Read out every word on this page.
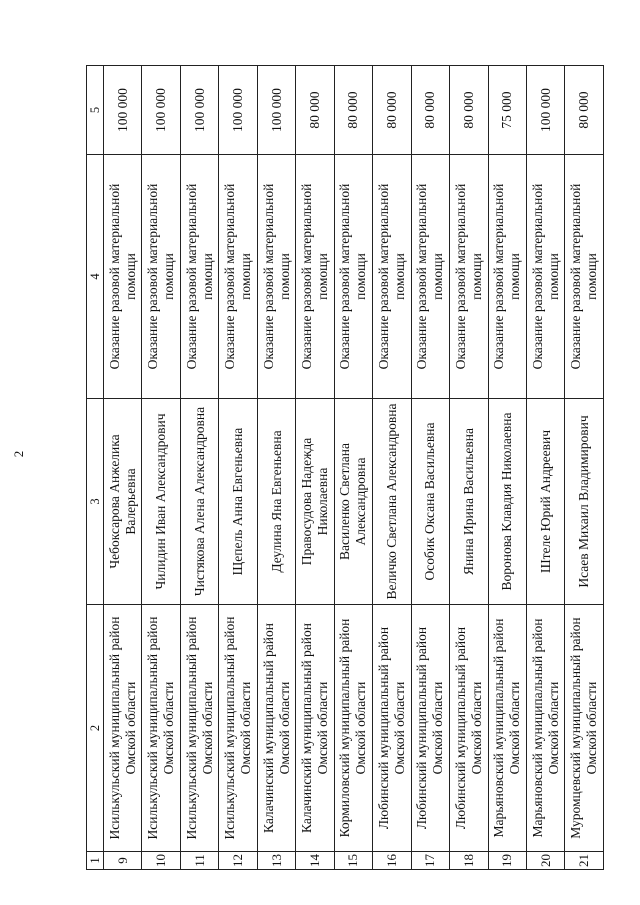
2
1	2	3	4	5
9	Исилькульский муниципальный район Омской области	Чебоксарова Анжелика Валерьевна	Оказание разовой материальной помощи	100 000
10	Исилькульский муниципальный район Омской области	Чилидин Иван Александрович	Оказание разовой материальной помощи	100 000
11	Исилькульский муниципальный район Омской области	Чистякова Алена Александровна	Оказание разовой материальной помощи	100 000
12	Исилькульский муниципальный район Омской области	Щепель Анна Евгеньевна	Оказание разовой материальной помощи	100 000
13	Калачинский муниципальный район Омской области	Деулина Яна Евгеньевна	Оказание разовой материальной помощи	100 000
14	Калачинский муниципальный район Омской области	Правосудова Надежда Николаевна	Оказание разовой материальной помощи	80 000
15	Кормиловский муниципальный район Омской области	Василенко Светлана Александровна	Оказание разовой материальной помощи	80 000
16	Любинский муниципальный район Омской области	Величко Светлана Александровна	Оказание разовой материальной помощи	80 000
17	Любинский муниципальный район Омской области	Особик Оксана Васильевна	Оказание разовой материальной помощи	80 000
18	Любинский муниципальный район Омской области	Янина Ирина Васильевна	Оказание разовой материальной помощи	80 000
19	Марьяновский муниципальный район Омской области	Воронова Клавдия Николаевна	Оказание разовой материальной помощи	75 000
20	Марьяновский муниципальный район Омской области	Штеле Юрий Андреевич	Оказание разовой материальной помощи	100 000
21	Муромцевский муниципальный район Омской области	Исаев Михаил Владимирович	Оказание разовой материальной помощи	80 000
